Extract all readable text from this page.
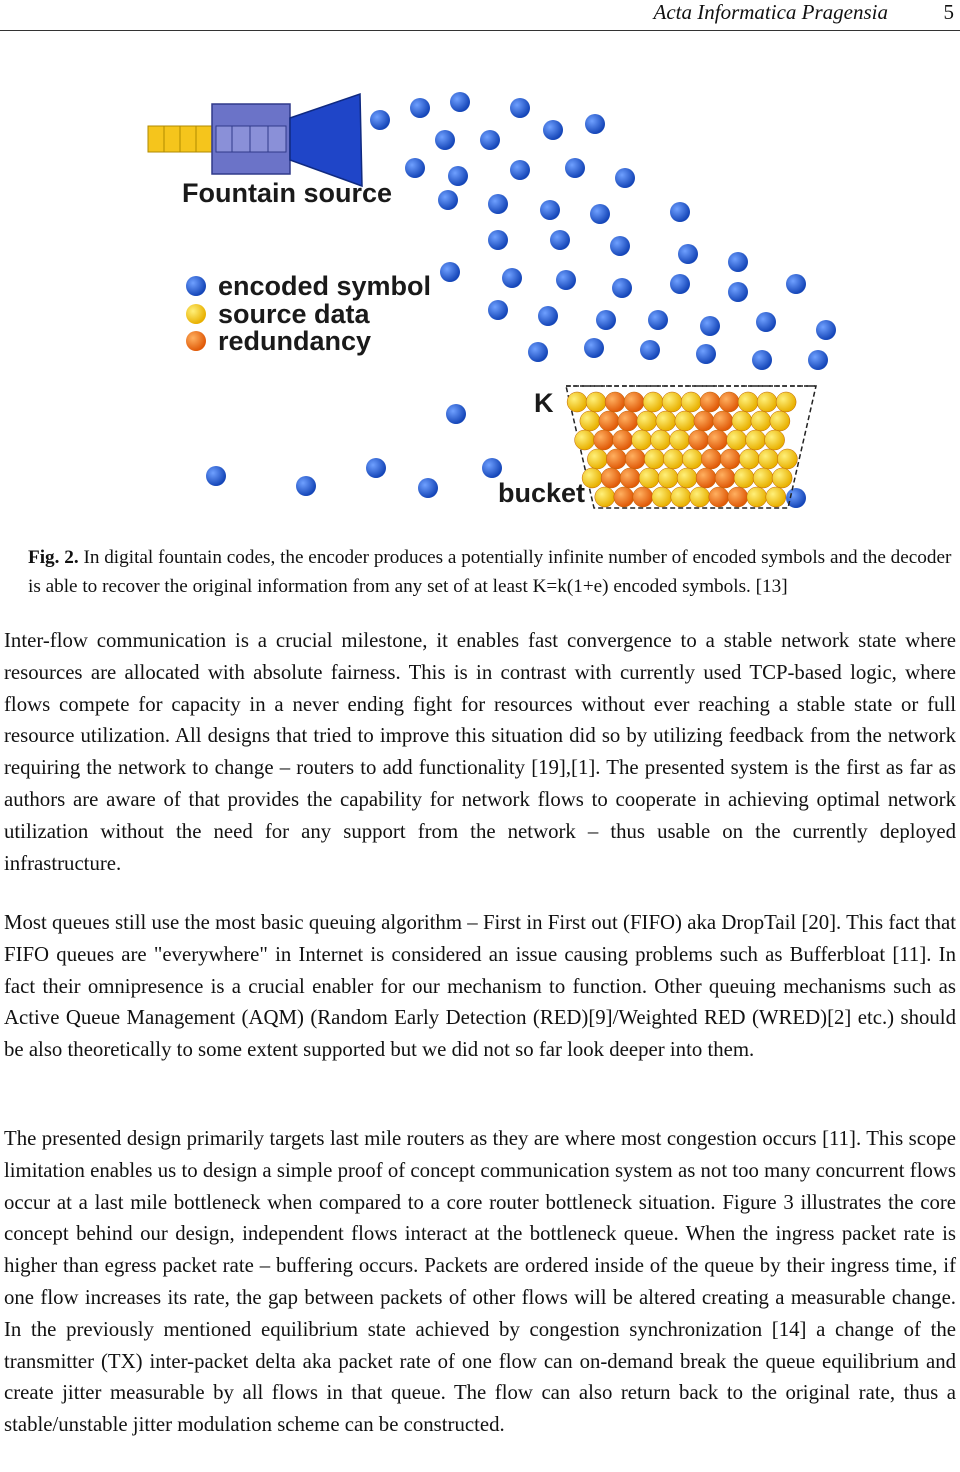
Acta Informatica Pragensia	5
Fountain source
encoded symbol
source data
redundancy
K
bucket
Fig. 2. In digital fountain codes, the encoder produces a potentially infinite number of encoded symbols and the decoder is able to recover the original information from any set of at least K=k(1+e) encoded symbols. [13]

Inter-flow communication is a crucial milestone, it enables fast convergence to a stable network state where resources are allocated with absolute fairness. This is in contrast with currently used TCP-based logic, where flows compete for capacity in a never ending fight for resources without ever reaching a stable state or full resource utilization. All designs that tried to improve this situation did so by utilizing feedback from the network requiring the network to change – routers to add functionality [19],[1]. The presented system is the first as far as authors are aware of that provides the capability for network flows to cooperate in achieving optimal network utilization without the need for any support from the network – thus usable on the currently deployed infrastructure.

Most queues still use the most basic queuing algorithm – First in First out (FIFO) aka DropTail [20]. This fact that FIFO queues are "everywhere" in Internet is considered an issue causing problems such as Bufferbloat [11]. In fact their omnipresence is a crucial enabler for our mechanism to function. Other queuing mechanisms such as Active Queue Management (AQM) (Random Early Detection (RED)[9]/Weighted RED (WRED)[2] etc.) should be also theoretically to some extent supported but we did not so far look deeper into them.

The presented design primarily targets last mile routers as they are where most congestion occurs [11]. This scope limitation enables us to design a simple proof of concept communication system as not too many concurrent flows occur at a last mile bottleneck when compared to a core router bottleneck situation. Figure 3 illustrates the core concept behind our design, independent flows interact at the bottleneck queue. When the ingress packet rate is higher than egress packet rate – buffering occurs. Packets are ordered inside of the queue by their ingress time, if one flow increases its rate, the gap between packets of other flows will be altered creating a measurable change. In the previously mentioned equilibrium state achieved by congestion synchronization [14] a change of the transmitter (TX) inter-packet delta aka packet rate of one flow can on-demand break the queue equilibrium and create jitter measurable by all flows in that queue. The flow can also return back to the original rate, thus a stable/unstable jitter modulation scheme can be constructed.
